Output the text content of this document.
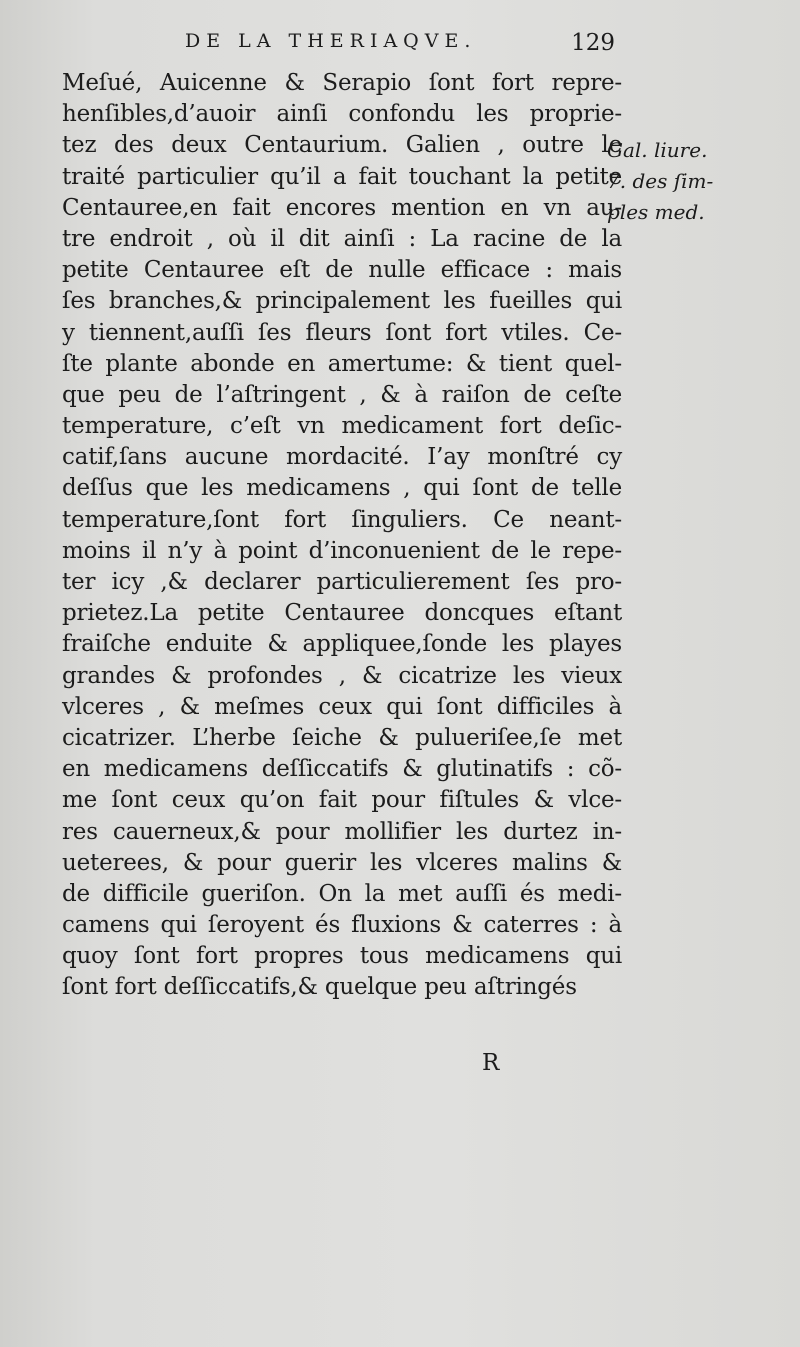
DE LA THERIAQVE.	129
Meſué, Auicenne & Serapio ſont fort repre-
henſibles,d’auoir ainſi confondu les proprie-
tez des deux Centaurium. Galien , outre le
traité particulier qu’il a fait touchant la petite
Centauree,en fait encores mention en vn au-
tre endroit , où il dit ainſi : La racine de la
petite Centauree eſt de nulle efficace : mais
ſes branches,& principalement les fueilles qui
y tiennent,auſſi ſes fleurs ſont fort vtiles. Ce-
ſte plante abonde en amertume: & tient quel-
que peu de l’aſtringent , & à raiſon de ceſte
temperature, c’eſt vn medicament fort deſic-
catif,ſans aucune mordacité. I’ay monſtré cy
deſſus que les medicamens , qui ſont de telle
temperature,ſont fort ſinguliers. Ce neant-
moins il n’y à point d’inconuenient de le repe-
ter icy ,& declarer particulierement ſes pro-
prietez.La petite Centauree doncques eſtant
fraiſche enduite & appliquee,ſonde les playes
grandes & profondes , & cicatrize les vieux
vlceres , & meſmes ceux qui ſont difficiles à
cicatrizer. L’herbe ſeiche & pulueriſee,ſe met
en medicamens deſſiccatifs & glutinatifs : cõ-
me ſont ceux qu’on fait pour fiſtules & vlce-
res cauerneux,& pour mollifier les durtez in-
ueterees, & pour guerir les vlceres malins &
de difficile gueriſon. On la met auſſi és medi-
camens qui ſeroyent és fluxions & caterres : à
quoy ſont fort propres tous medicamens qui
ſont fort deſſiccatifs,& quelque peu aſtringés
Gal. liure.
7. des ſim-
ples med.
R
